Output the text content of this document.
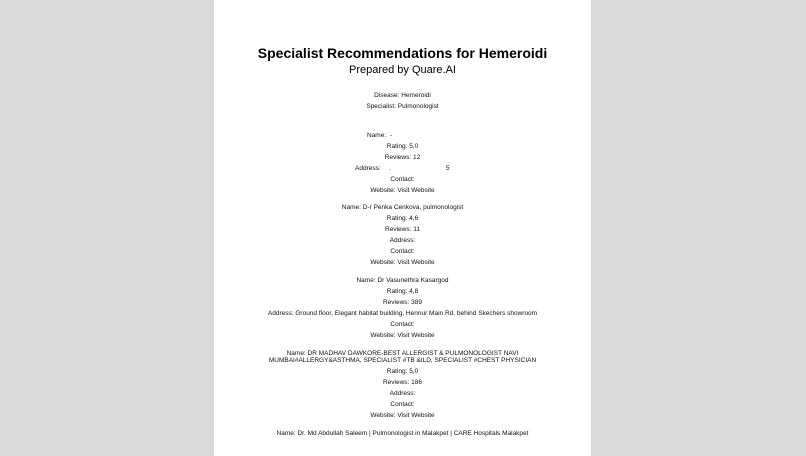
Specialist Recommendations for Hemeroidi
Prepared by Quare.AI
Disease: Hemeroidi
Specialist: Pulmonologist
Name: -
Rating: 5,0
Reviews: 12
Address: .	5
Contact:
Website: Visit Website
Name: D-r Penka Cenkova, pulmonologist
Rating: 4,6
Reviews: 11
Address:
Contact:
Website: Visit Website
Name: Dr Vasunethra Kasargod
Rating: 4,8
Reviews: 389
Address: Ground floor, Elegant habitat building, Hennur Main Rd, behind Skechers showroom
Contact:
Website: Visit Website
Name: DR MADHAV DAWKORE-BEST ALLERGIST & PULMONOLOGIST NAVI MUMBAI#ALLERGY&ASTHMA, SPECIALIST #TB &ILD, SPECIALIST #CHEST PHYSICIAN
Rating: 5,0
Reviews: 186
Address:
Contact:
Website: Visit Website
Name: Dr. Md Abdullah Saleem | Pulmonologist in Malakpet | CARE Hospitals Malakpet
